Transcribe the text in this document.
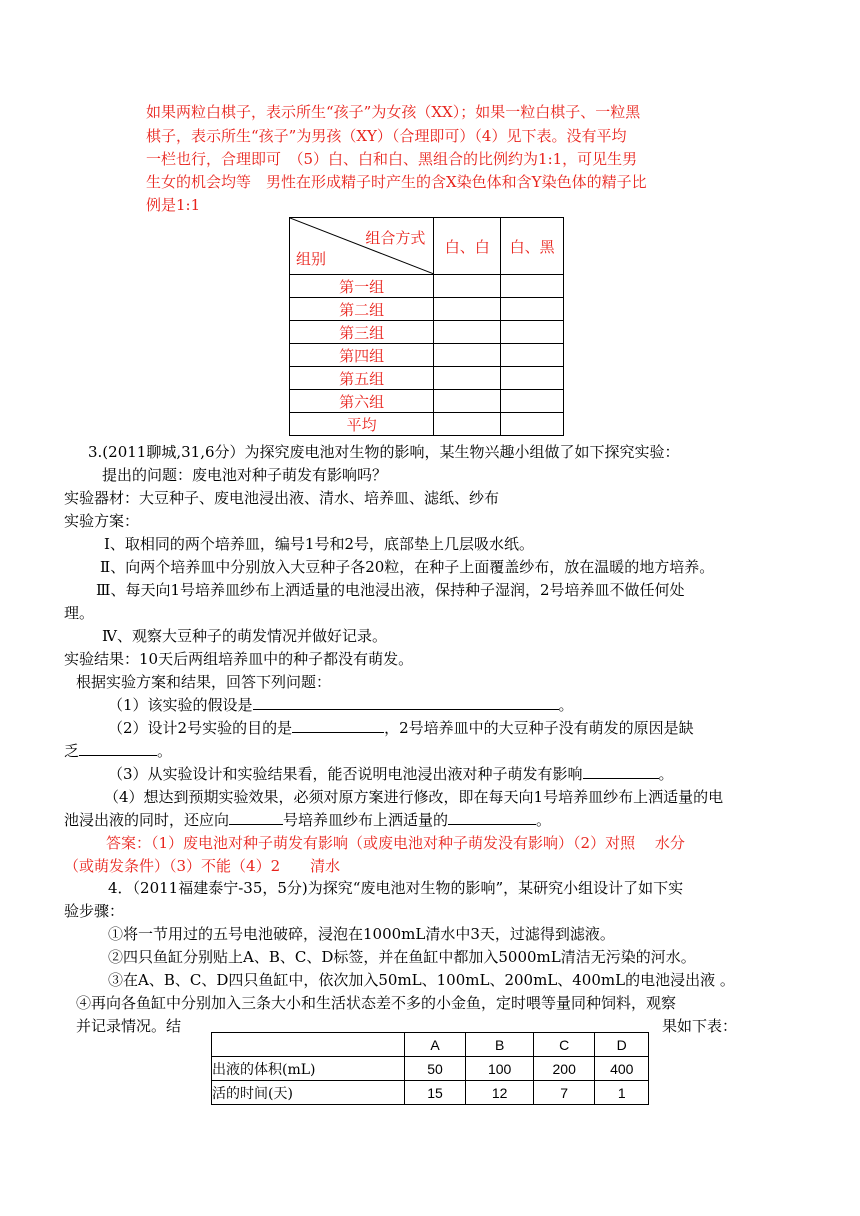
如果两粒白棋子，表示所生“孩子”为女孩（XX）；如果一粒白棋子、一粒黑
棋子，表示所生“孩子”为男孩（XY）（合理即可）（4）见下表。没有平均
一栏也行，合理即可　（5）白、白和白、黑组合的比例约为1:1，可见生男
生女的机会均等　男性在形成精子时产生的含X染色体和含Y染色体的精子比
例是1:1
组合方式
组别	白、白	白、黑
第一组		
第二组		
第三组		
第四组		
第五组		
第六组		
平均		
3.(2011聊城,31,6分）为探究废电池对生物的影响，某生物兴趣小组做了如下探究实验：
提出的问题：废电池对种子萌发有影响吗？
实验器材：大豆种子、废电池浸出液、清水、培养皿、滤纸、纱布
实验方案：
Ⅰ、取相同的两个培养皿，编号1号和2号，底部垫上几层吸水纸。
Ⅱ、向两个培养皿中分别放入大豆种子各20粒，在种子上面覆盖纱布，放在温暖的地方培养。
Ⅲ、每天向1号培养皿纱布上洒适量的电池浸出液，保持种子湿润，2号培养皿不做任何处
理。
Ⅳ、观察大豆种子的萌发情况并做好记录。
实验结果：10天后两组培养皿中的种子都没有萌发。
根据实验方案和结果，回答下列问题：
（1）该实验的假设是	。
（2）设计2号实验的目的是	，2号培养皿中的大豆种子没有萌发的原因是缺
乏	。
（3）从实验设计和实验结果看，能否说明电池浸出液对种子萌发有影响	。
（4）想达到预期实验效果，必须对原方案进行修改，即在每天向1号培养皿纱布上洒适量的电
池浸出液的同时，还应向	号培养皿纱布上洒适量的	。
答案：（1）废电池对种子萌发有影响（或废电池对种子萌发没有影响）（2）对照　 水分
（或萌发条件）（3）不能（4）2　　清水
4．（2011福建泰宁-35，5分)为探究“废电池对生物的影响”，某研究小组设计了如下实
验步骤：
①将一节用过的五号电池破碎，浸泡在1000mL清水中3天，过滤得到滤液。
②四只鱼缸分别贴上A、B、C、D标签，并在鱼缸中都加入5000mL清洁无污染的河水。
③在A、B、C、D四只鱼缸中，依次加入50mL、100mL、200mL、400mL的电池浸出液 。
④再向各鱼缸中分别加入三条大小和生活状态差不多的小金鱼，定时喂等量同种饲料，观察
并记录情况。结	果如下表：
	A	B	C	D
出液的体积(mL)	50	100	200	400
活的时间(天)	15	12	7	1
